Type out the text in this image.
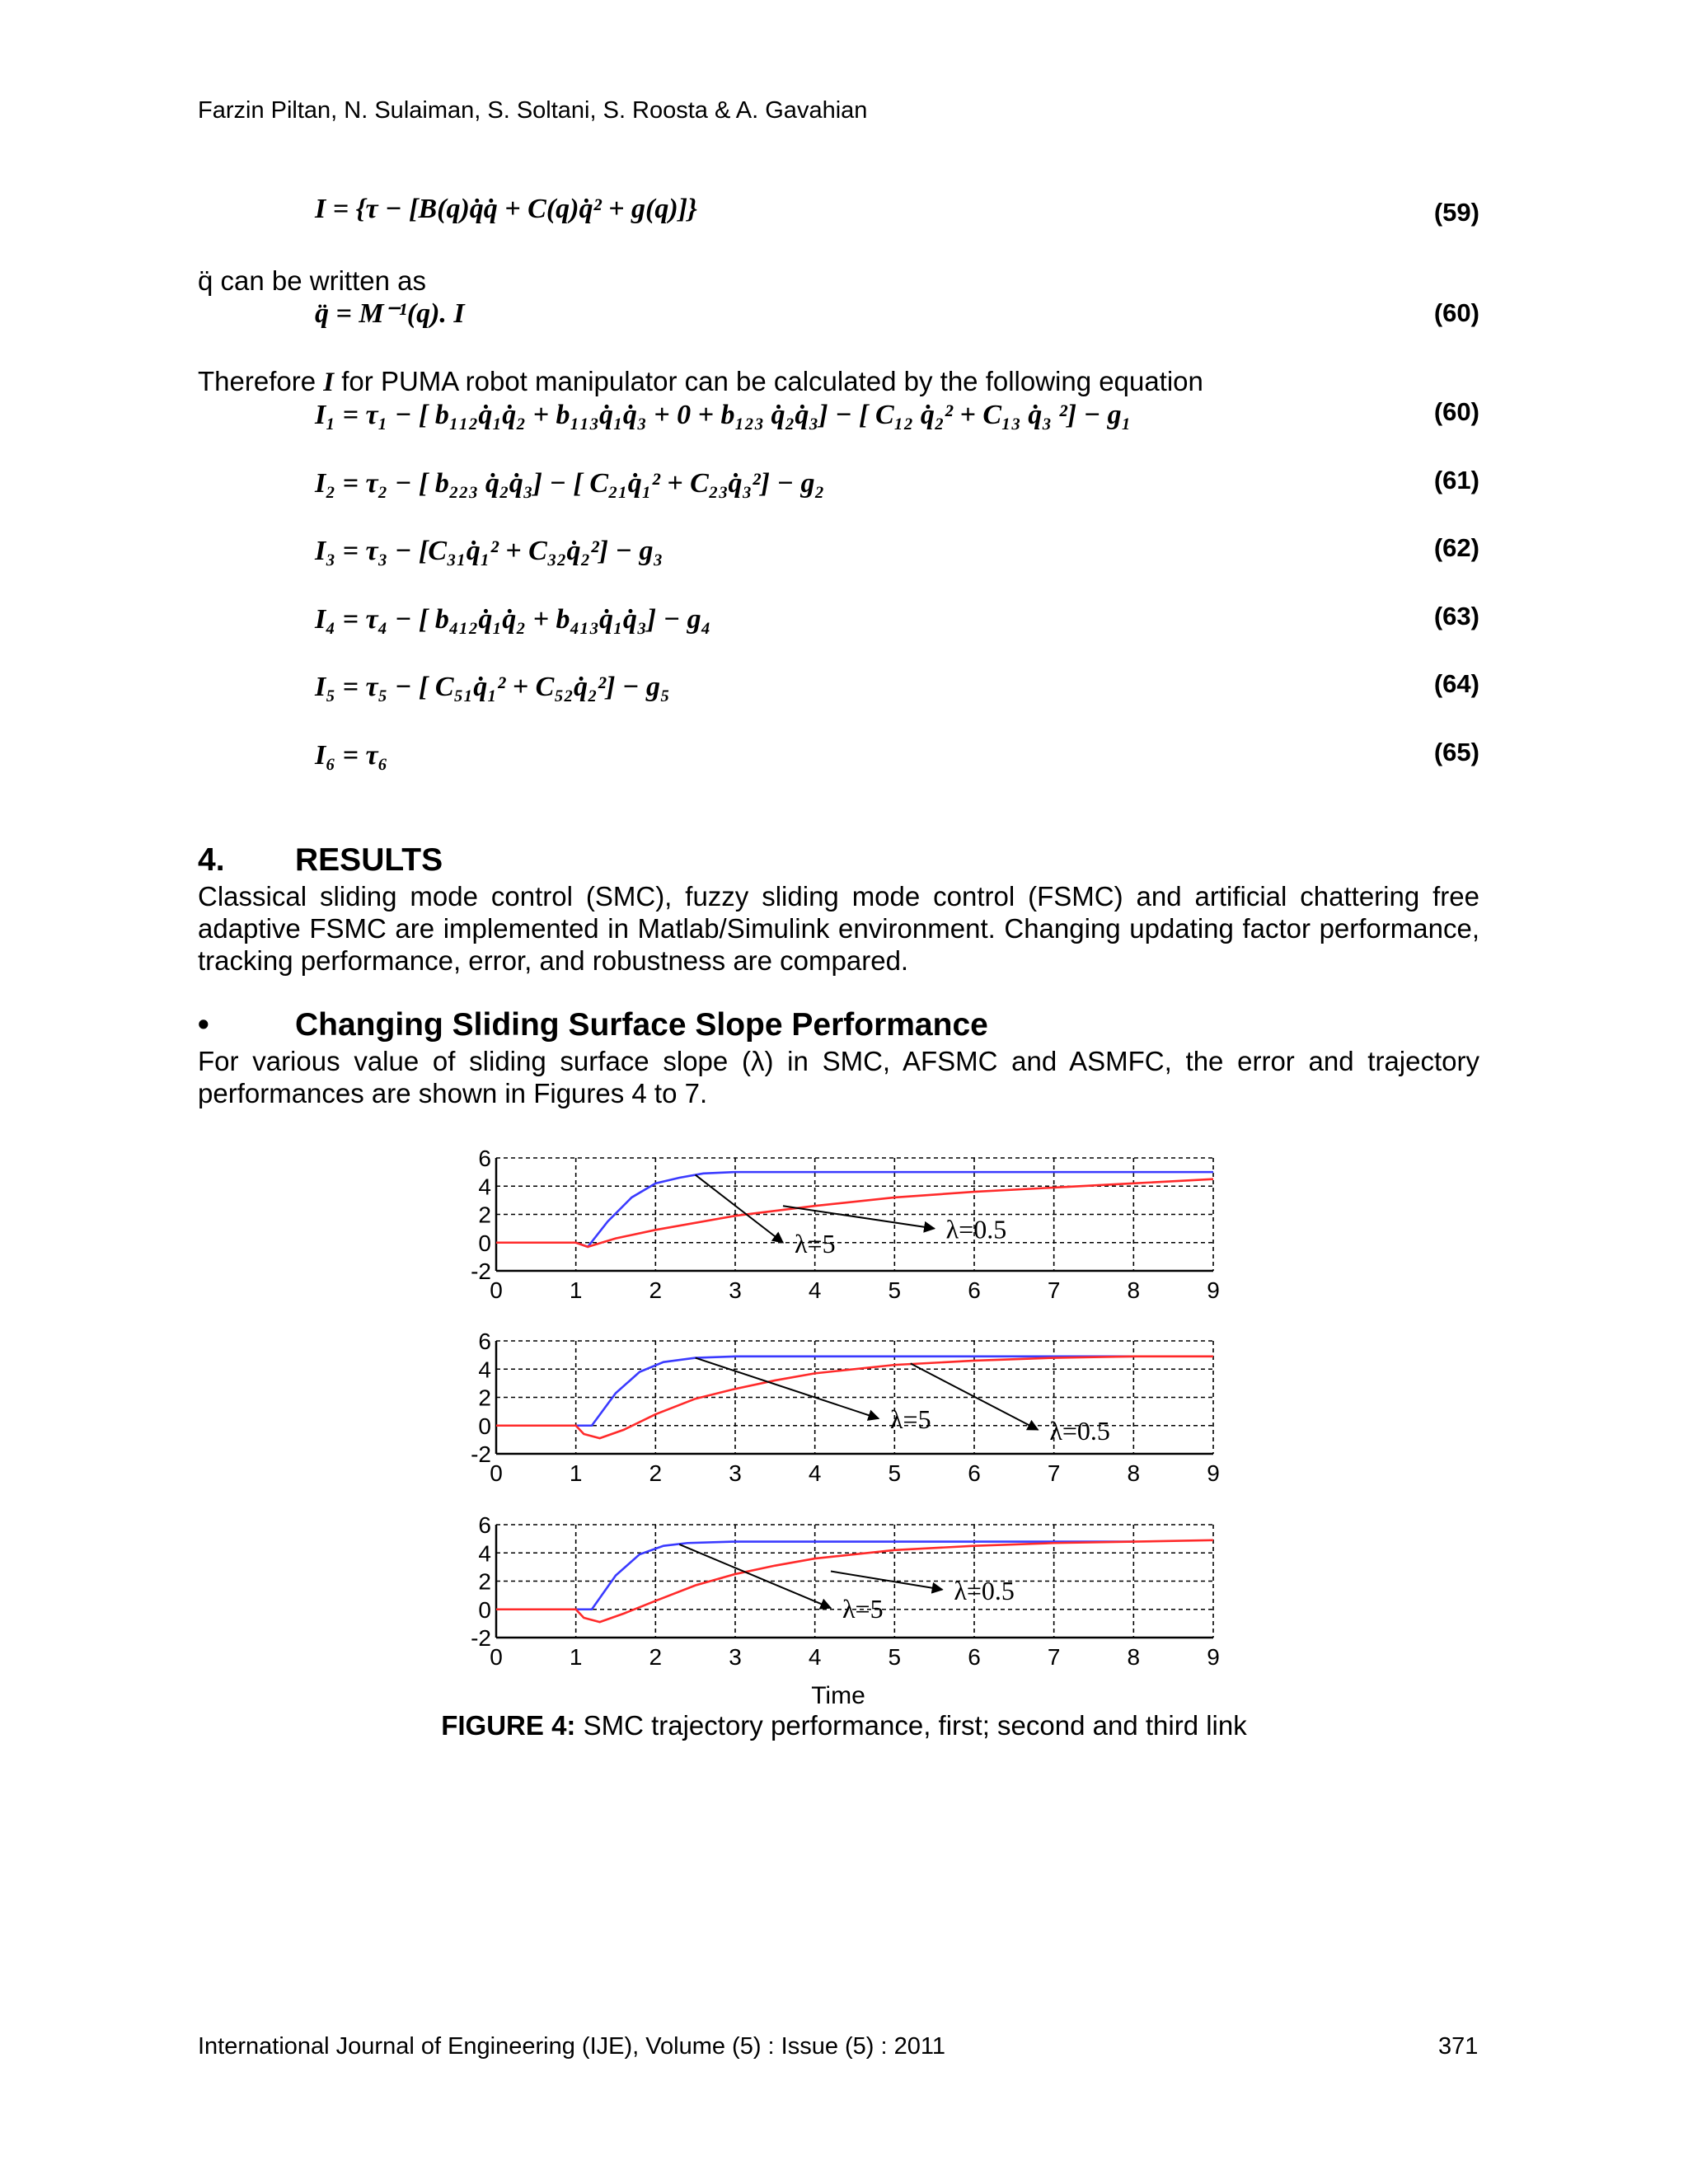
Farzin Piltan, N. Sulaiman, S. Soltani, S. Roosta & A. Gavahian
I = {τ − [B(q)q̇q̇ + C(q)q̇² + g(q)]}	(59)
q̈ can be written as
q̈ = M⁻¹(q). I	(60)
Therefore I for PUMA robot manipulator can be calculated by the following equation
I₁ = τ₁ − [ b₁₁₂q̇₁q̇₂ + b₁₁₃q̇₁q̇₃ + 0 + b₁₂₃ q̇₂q̇₃] − [ C₁₂ q̇₂² + C₁₃ q̇₃ ²] − g₁	(60)
I₂ = τ₂ − [ b₂₂₃ q̇₂q̇₃] − [ C₂₁q̇₁² + C₂₃q̇₃²] − g₂	(61)
I₃ = τ₃ − [C₃₁q̇₁² + C₃₂q̇₂²] − g₃	(62)
I₄ = τ₄ − [ b₄₁₂q̇₁q̇₂ + b₄₁₃q̇₁q̇₃] − g₄	(63)
I₅ = τ₅ − [ C₅₁q̇₁² + C₅₂q̇₂²] − g₅	(64)
I₆ = τ₆	(65)
4. RESULTS
Classical sliding mode control (SMC), fuzzy sliding mode control (FSMC) and artificial chattering free adaptive FSMC are implemented in Matlab/Simulink environment. Changing updating factor performance, tracking performance, error, and robustness are compared.
•	Changing Sliding Surface Slope Performance
For various value of sliding surface slope (λ) in SMC, AFSMC and ASMFC, the error and trajectory performances are shown in Figures 4 to 7.
6
4
2
0
-2
0	1	2	3	4	5	6	7	8	9
λ=5	λ=0.5
6
4
2
0
-2
0	1	2	3	4	5	6	7	8	9
λ=5	λ=0.5
6
4
2
0
-2
0	1	2	3	4	5	6	7	8	9
λ=5
λ=0.5
Time
FIGURE 4: SMC trajectory performance, first; second and third link
International Journal of Engineering (IJE), Volume (5) : Issue (5) : 2011	371
